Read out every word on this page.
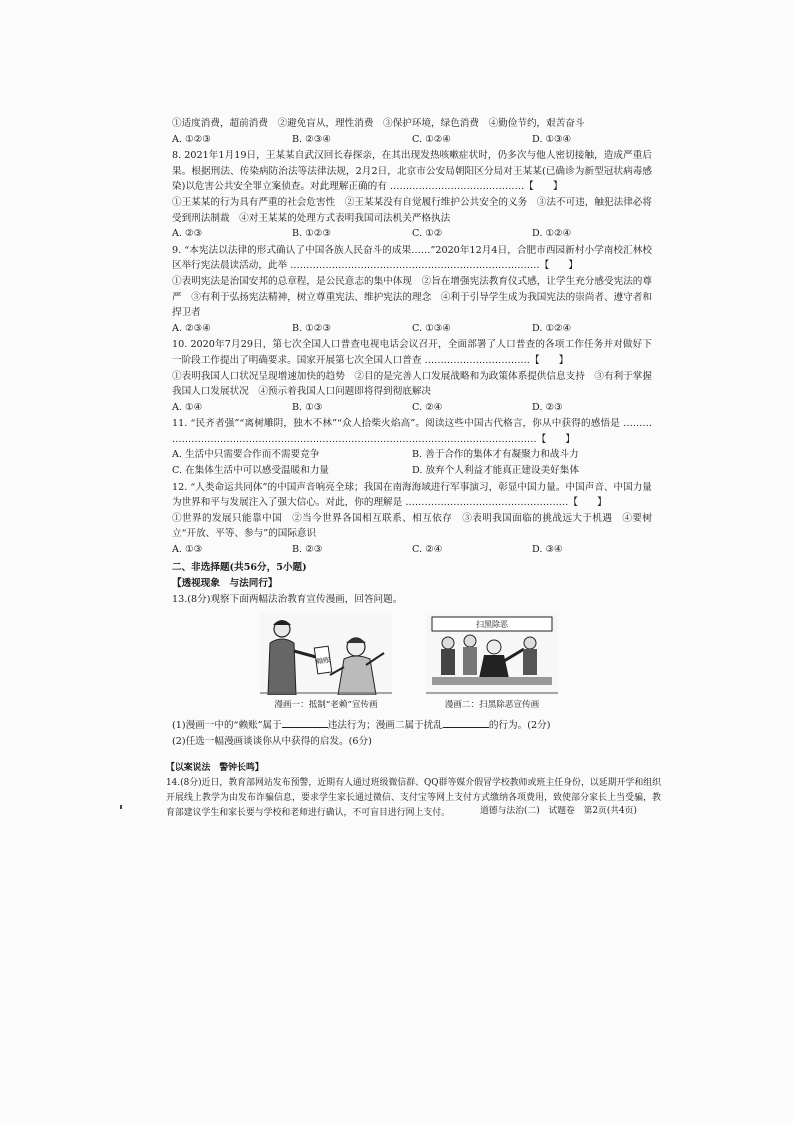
①适度消费，超前消费　②避免盲从，理性消费　③保护环境，绿色消费　④勤俭节约，艰苦奋斗
A. ①②③	B. ②③④	C. ①②④	D. ①③④
8. 2021年1月19日，王某某自武汉回长春探亲，在其出现发热咳嗽症状时，仍多次与他人密切接触，造成严重后果。根据刑法、传染病防治法等法律法规，2月2日，北京市公安局朝阳区分局对王某某(已确诊为新型冠状病毒感染)以危害公共安全罪立案侦查。对此理解正确的有 ……………………………………【　　】
①王某某的行为具有严重的社会危害性　②王某某没有自觉履行维护公共安全的义务　③法不可违，触犯法律必将受到刑法制裁　④对王某某的处理方式表明我国司法机关严格执法
A. ②③	B. ①②③	C. ①②	D. ①②④
9. “本宪法以法律的形式确认了中国各族人民奋斗的成果……”2020年12月4日，合肥市西园新村小学南校汇林校区举行宪法晨读活动，此举 ……………………………………………………………………【　　】
①表明宪法是治国安邦的总章程，是公民意志的集中体现　②旨在增强宪法教育仪式感，让学生充分感受宪法的尊严　③有利于弘扬宪法精神，树立尊重宪法、维护宪法的理念　④利于引导学生成为我国宪法的崇尚者、遵守者和捍卫者
A. ②③④	B. ①②③	C. ①③④	D. ①②④
10. 2020年7月29日，第七次全国人口普查电视电话会议召开，全面部署了人口普查的各项工作任务并对做好下一阶段工作提出了明确要求。国家开展第七次全国人口普查 ……………………………【　　】
①表明我国人口状况呈现增速加快的趋势　②目的是完善人口发展战略和为政策体系提供信息支持　③有利于掌握我国人口发展状况　④预示着我国人口问题即将得到彻底解决
A. ①④	B. ①③	C. ②④	D. ②③
11. “民齐者强”“离树雕阴，独木不林”“众人拾柴火焰高”。阅读这些中国古代格言，你从中获得的感悟是 ……… ……………………………………………………………………………………………………【　　】
A. 生活中只需要合作而不需要竞争	B. 善于合作的集体才有凝聚力和战斗力
C. 在集体生活中可以感受温暖和力量	D. 放弃个人利益才能真正建设美好集体
12. “人类命运共同体”的中国声音响亮全球；我国在南海海域进行军事演习，彰显中国力量。中国声音、中国力量为世界和平与发展注入了强大信心。对此，你的理解是 ……………………………………………【　　】
①世界的发展只能靠中国　②当今世界各国相互联系、相互依存　③表明我国面临的挑战远大于机遇　④要树立“开放、平等、参与”的国际意识
A. ①③	B. ②③	C. ②④	D. ③④
二、非选择题(共56分，5小题)
【透视现象　与法同行】
13.(8分)观察下面两幅法治教育宣传漫画，回答问题。
赖账
漫画一：抵制“老赖”宣传画
扫黑除恶
漫画二：扫黑除恶宣传画
(1)漫画一中的“赖账”属于	违法行为；漫画二属于扰乱	的行为。(2分)
(2)任选一幅漫画谈谈你从中获得的启发。(6分)
【以案说法　警钟长鸣】
14.(8分)近日，教育部网站发布预警，近期有人通过班级微信群、QQ群等媒介假冒学校教师或班主任身份，以延期开学和组织开展线上教学为由发布诈骗信息，要求学生家长通过微信、支付宝等网上支付方式缴纳各项费用，致使部分家长上当受骗，教育部建议学生和家长要与学校和老师进行确认，不可盲目进行网上支付。	道德与法治(二)　试题卷　第2页(共4页)
